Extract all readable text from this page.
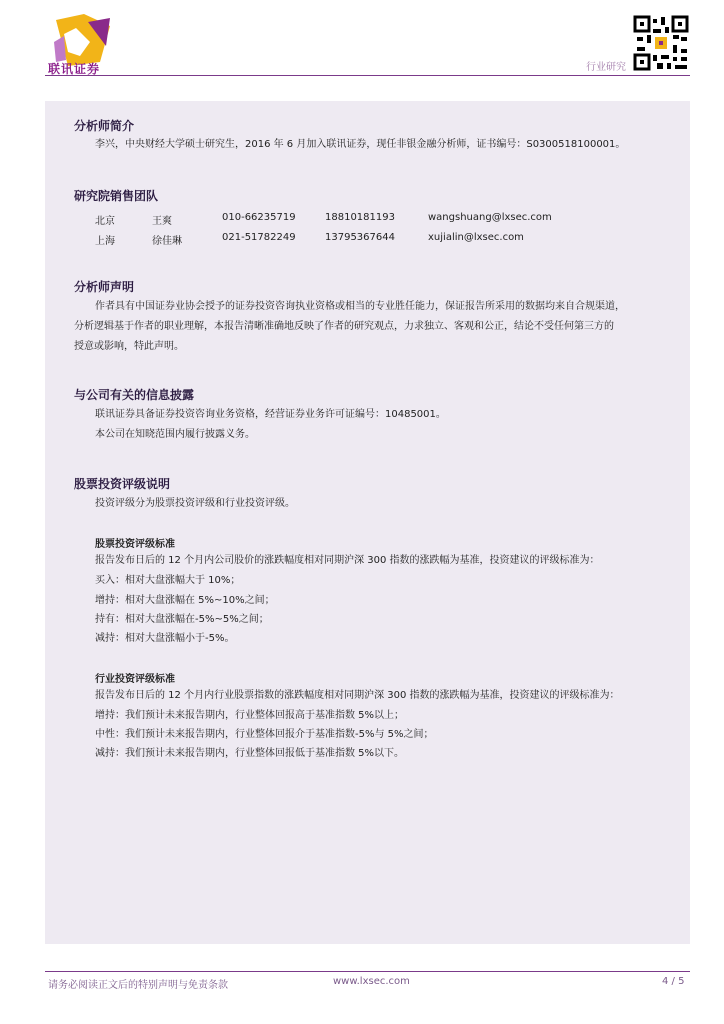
联讯证券	行业研究
分析师简介
李兴，中央财经大学硕士研究生，2016 年 6 月加入联讯证券，现任非银金融分析师，证书编号：S0300518100001。
研究院销售团队
北京	王爽	010-66235719	18810181193	wangshuang@lxsec.com
上海	徐佳琳	021-51782249	13795367644	xujialin@lxsec.com
分析师声明
作者具有中国证券业协会授予的证券投资咨询执业资格或相当的专业胜任能力，保证报告所采用的数据均来自合规渠道，
分析逻辑基于作者的职业理解，本报告清晰准确地反映了作者的研究观点，力求独立、客观和公正，结论不受任何第三方的
授意或影响，特此声明。
与公司有关的信息披露
联讯证券具备证券投资咨询业务资格，经营证券业务许可证编号：10485001。
本公司在知晓范围内履行披露义务。
股票投资评级说明
投资评级分为股票投资评级和行业投资评级。
股票投资评级标准
报告发布日后的 12 个月内公司股价的涨跌幅度相对同期沪深 300 指数的涨跌幅为基准，投资建议的评级标准为：
买入：相对大盘涨幅大于 10%；
增持：相对大盘涨幅在 5%~10%之间；
持有：相对大盘涨幅在-5%~5%之间；
减持：相对大盘涨幅小于-5%。
行业投资评级标准
报告发布日后的 12 个月内行业股票指数的涨跌幅度相对同期沪深 300 指数的涨跌幅为基准，投资建议的评级标准为：
增持：我们预计未来报告期内，行业整体回报高于基准指数 5%以上；
中性：我们预计未来报告期内，行业整体回报介于基准指数-5%与 5%之间；
减持：我们预计未来报告期内，行业整体回报低于基准指数 5%以下。
请务必阅读正文后的特别声明与免责条款	www.lxsec.com	4 / 5
